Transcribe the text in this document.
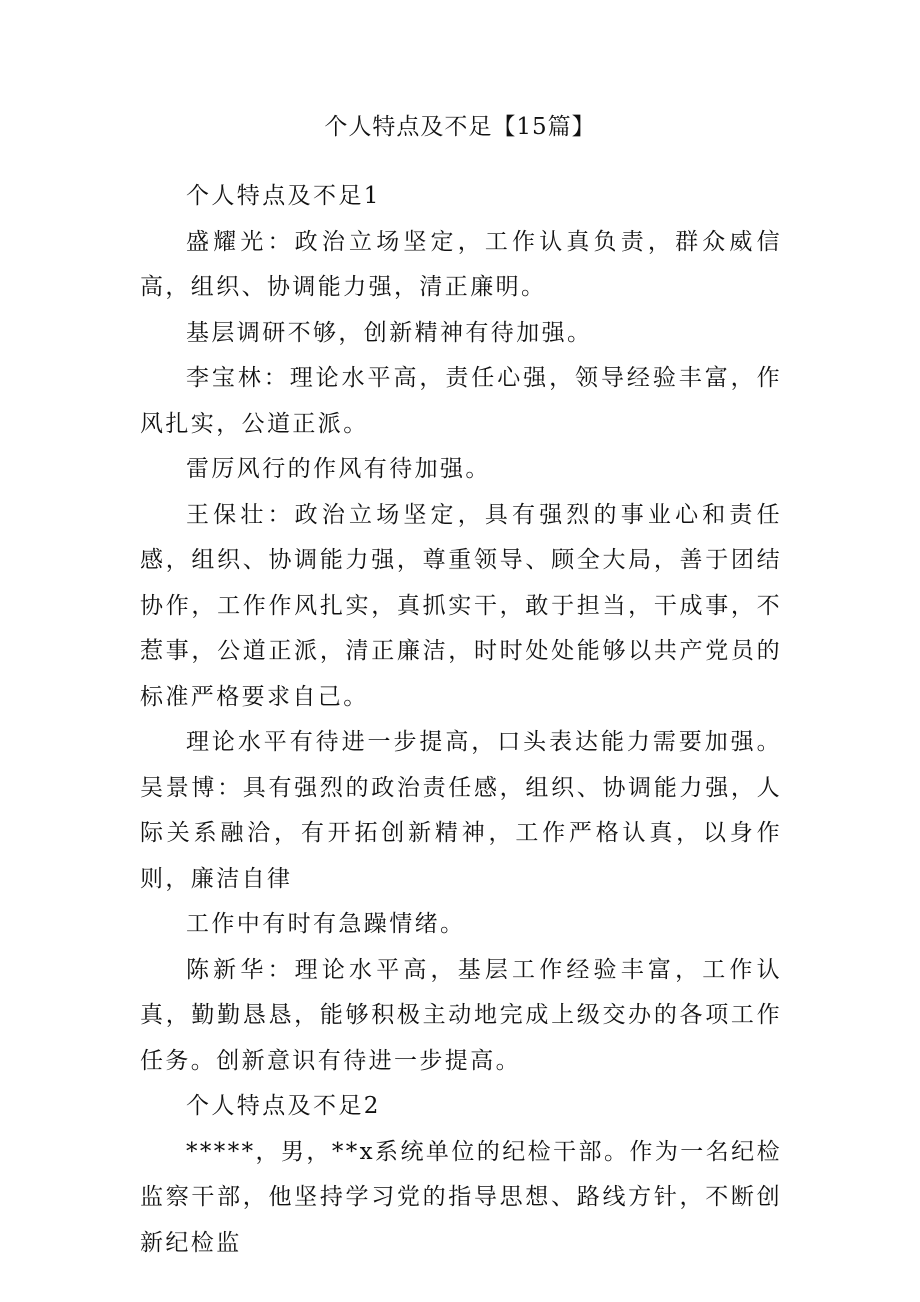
个人特点及不足【15篇】

个人特点及不足1

盛耀光：政治立场坚定，工作认真负责，群众威信高，组织、协调能力强，清正廉明。

基层调研不够，创新精神有待加强。

李宝林：理论水平高，责任心强，领导经验丰富，作风扎实，公道正派。

雷厉风行的作风有待加强。

王保壮：政治立场坚定，具有强烈的事业心和责任感，组织、协调能力强，尊重领导、顾全大局，善于团结协作，工作作风扎实，真抓实干，敢于担当，干成事，不惹事，公道正派，清正廉洁，时时处处能够以共产党员的标准严格要求自己。

理论水平有待进一步提高，口头表达能力需要加强。吴景博：具有强烈的政治责任感，组织、协调能力强，人际关系融洽，有开拓创新精神，工作严格认真，以身作则，廉洁自律

工作中有时有急躁情绪。

陈新华：理论水平高，基层工作经验丰富，工作认真，勤勤恳恳，能够积极主动地完成上级交办的各项工作任务。创新意识有待进一步提高。

个人特点及不足2

*****，男，**x系统单位的纪检干部。作为一名纪检监察干部，他坚持学习党的指导思想、路线方针，不断创新纪检监
